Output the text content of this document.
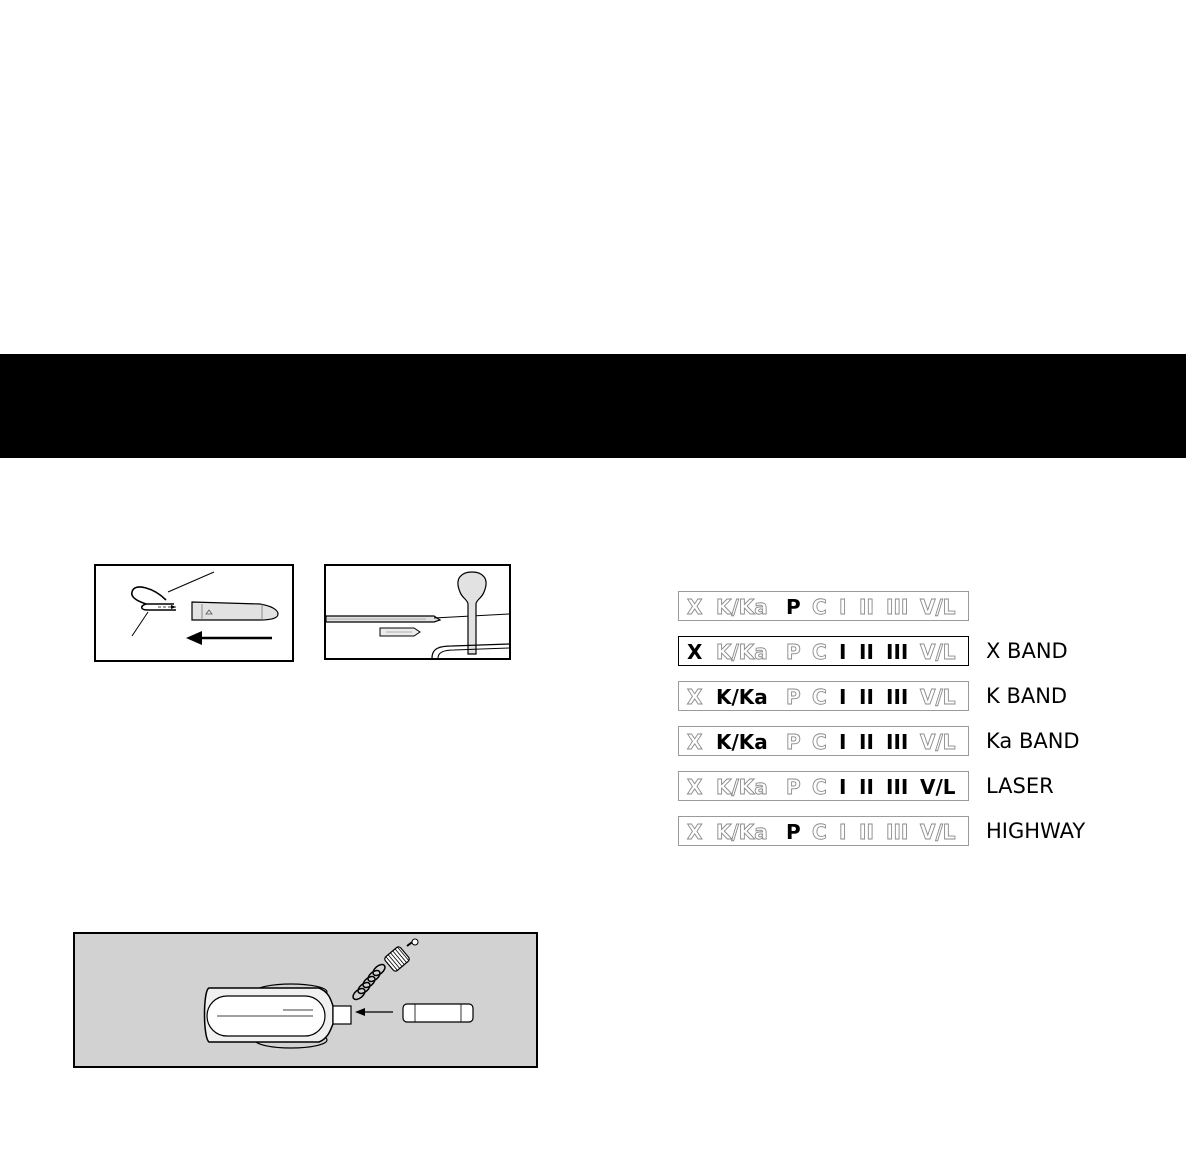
X K/Ka P C I II III V/L
X K/Ka P C I II III V/L X BAND
X K/Ka P C I II III V/L K BAND
X K/Ka P C I II III V/L Ka BAND
X K/Ka P C I II III V/L LASER
X K/Ka P C I II III V/L HIGHWAY
